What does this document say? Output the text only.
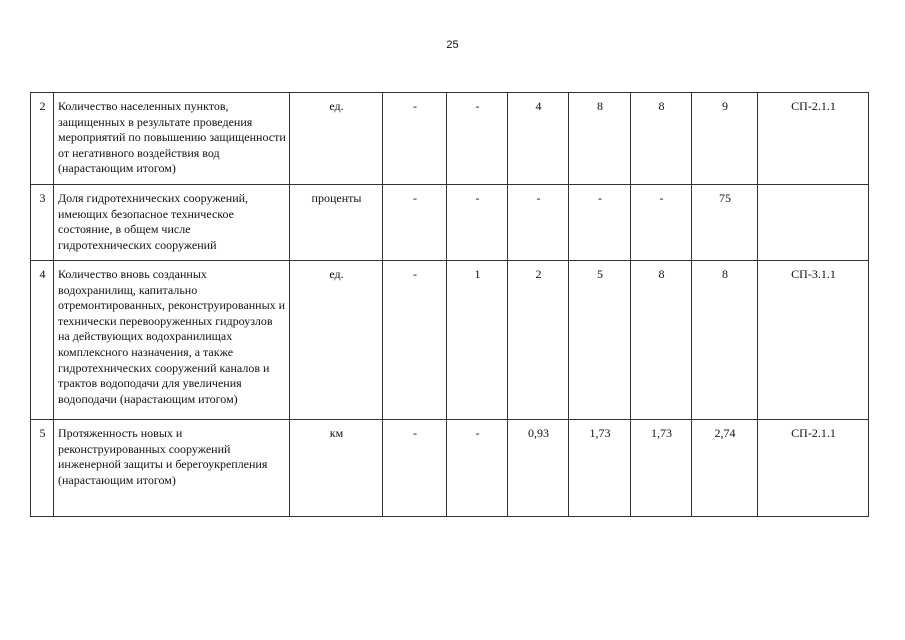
25
2	Количество населенных пунктов, защищенных в результате проведения мероприятий по повышению защищенности от негативного воздействия вод (нарастающим итогом)	ед.	-	-	4	8	8	9	СП-2.1.1
3	Доля гидротехнических сооружений, имеющих безопасное техническое состояние, в общем числе гидротехнических сооружений	проценты	-	-	-	-	-	75	
4	Количество вновь созданных водохранилищ, капитально отремонтированных, реконструированных и технически перевооруженных гидроузлов на действующих водохранилищах комплексного назначения, а также гидротехнических сооружений каналов и трактов водоподачи для увеличения водоподачи (нарастающим итогом)	ед.	-	1	2	5	8	8	СП-3.1.1
5	Протяженность новых и реконструированных сооружений инженерной защиты и берегоукрепления (нарастающим итогом)	км	-	-	0,93	1,73	1,73	2,74	СП-2.1.1
